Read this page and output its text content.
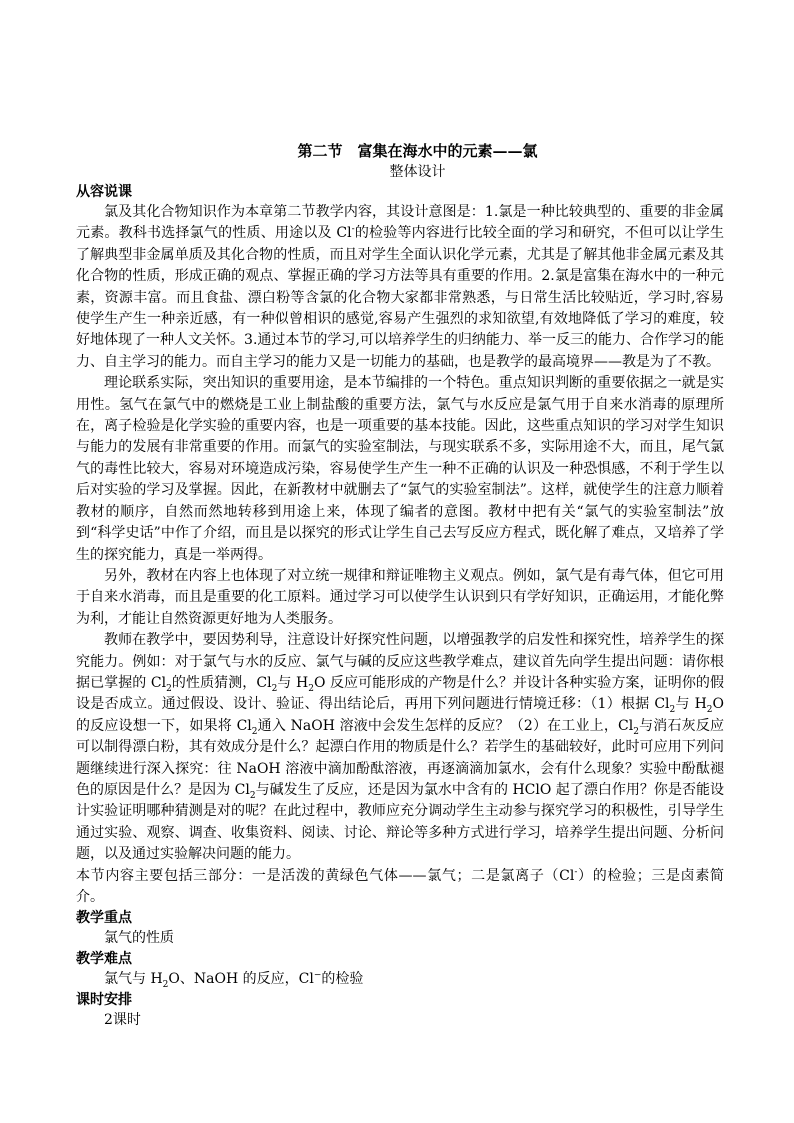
第二节　富集在海水中的元素——氯
整体设计
从容说课

氯及其化合物知识作为本章第二节教学内容，其设计意图是：1.氯是一种比较典型的、重要的非金属元素。教科书选择氯气的性质、用途以及 Cl-的检验等内容进行比较全面的学习和研究，不但可以让学生了解典型非金属单质及其化合物的性质，而且对学生全面认识化学元素，尤其是了解其他非金属元素及其化合物的性质，形成正确的观点、掌握正确的学习方法等具有重要的作用。2.氯是富集在海水中的一种元素，资源丰富。而且食盐、漂白粉等含氯的化合物大家都非常熟悉，与日常生活比较贴近，学习时,容易使学生产生一种亲近感，有一种似曾相识的感觉,容易产生强烈的求知欲望,有效地降低了学习的难度，较好地体现了一种人文关怀。3.通过本节的学习,可以培养学生的归纳能力、举一反三的能力、合作学习的能力、自主学习的能力。而自主学习的能力又是一切能力的基础，也是教学的最高境界——教是为了不教。

理论联系实际，突出知识的重要用途，是本节编排的一个特色。重点知识判断的重要依据之一就是实用性。氢气在氯气中的燃烧是工业上制盐酸的重要方法，氯气与水反应是氯气用于自来水消毒的原理所在，离子检验是化学实验的重要内容，也是一项重要的基本技能。因此，这些重点知识的学习对学生知识与能力的发展有非常重要的作用。而氯气的实验室制法，与现实联系不多，实际用途不大，而且，尾气氯气的毒性比较大，容易对环境造成污染，容易使学生产生一种不正确的认识及一种恐惧感，不利于学生以后对实验的学习及掌握。因此，在新教材中就删去了“氯气的实验室制法”。这样，就使学生的注意力顺着教材的顺序，自然而然地转移到用途上来，体现了编者的意图。教材中把有关“氯气的实验室制法”放到“科学史话”中作了介绍，而且是以探究的形式让学生自己去写反应方程式，既化解了难点，又培养了学生的探究能力，真是一举两得。

另外，教材在内容上也体现了对立统一规律和辩证唯物主义观点。例如，氯气是有毒气体，但它可用于自来水消毒，而且是重要的化工原料。通过学习可以使学生认识到只有学好知识，正确运用，才能化弊为利，才能让自然资源更好地为人类服务。

教师在教学中，要因势利导，注意设计好探究性问题，以增强教学的启发性和探究性，培养学生的探究能力。例如：对于氯气与水的反应、氯气与碱的反应这些教学难点，建议首先向学生提出问题：请你根据已掌握的 $Cl_2$的性质猜测，$Cl_2$与 $H_2O$ 反应可能形成的产物是什么？并设计各种实验方案，证明你的假设是否成立。通过假设、设计、验证、得出结论后，再用下列问题进行情境迁移：（1）根据 $Cl_2$与 $H_2O$ 的反应设想一下，如果将 $Cl_2$通入 NaOH 溶液中会发生怎样的反应？（2）在工业上，$Cl_2$与消石灰反应可以制得漂白粉，其有效成分是什么？起漂白作用的物质是什么？若学生的基础较好，此时可应用下列问题继续进行深入探究：往 NaOH 溶液中滴加酚酞溶液，再逐滴滴加氯水，会有什么现象？实验中酚酞褪色的原因是什么？是因为 $Cl_2$与碱发生了反应，还是因为氯水中含有的 HClO 起了漂白作用？你是否能设计实验证明哪种猜测是对的呢？在此过程中，教师应充分调动学生主动参与探究学习的积极性，引导学生通过实验、观察、调查、收集资料、阅读、讨论、辩论等多种方式进行学习，培养学生提出问题、分析问题，以及通过实验解决问题的能力。

本节内容主要包括三部分：一是活泼的黄绿色气体——氯气；二是氯离子（Cl-）的检验；三是卤素简介。

教学重点
氯气的性质
教学难点
氯气与 $H_2O$、NaOH 的反应，Cl−的检验
课时安排
2课时
